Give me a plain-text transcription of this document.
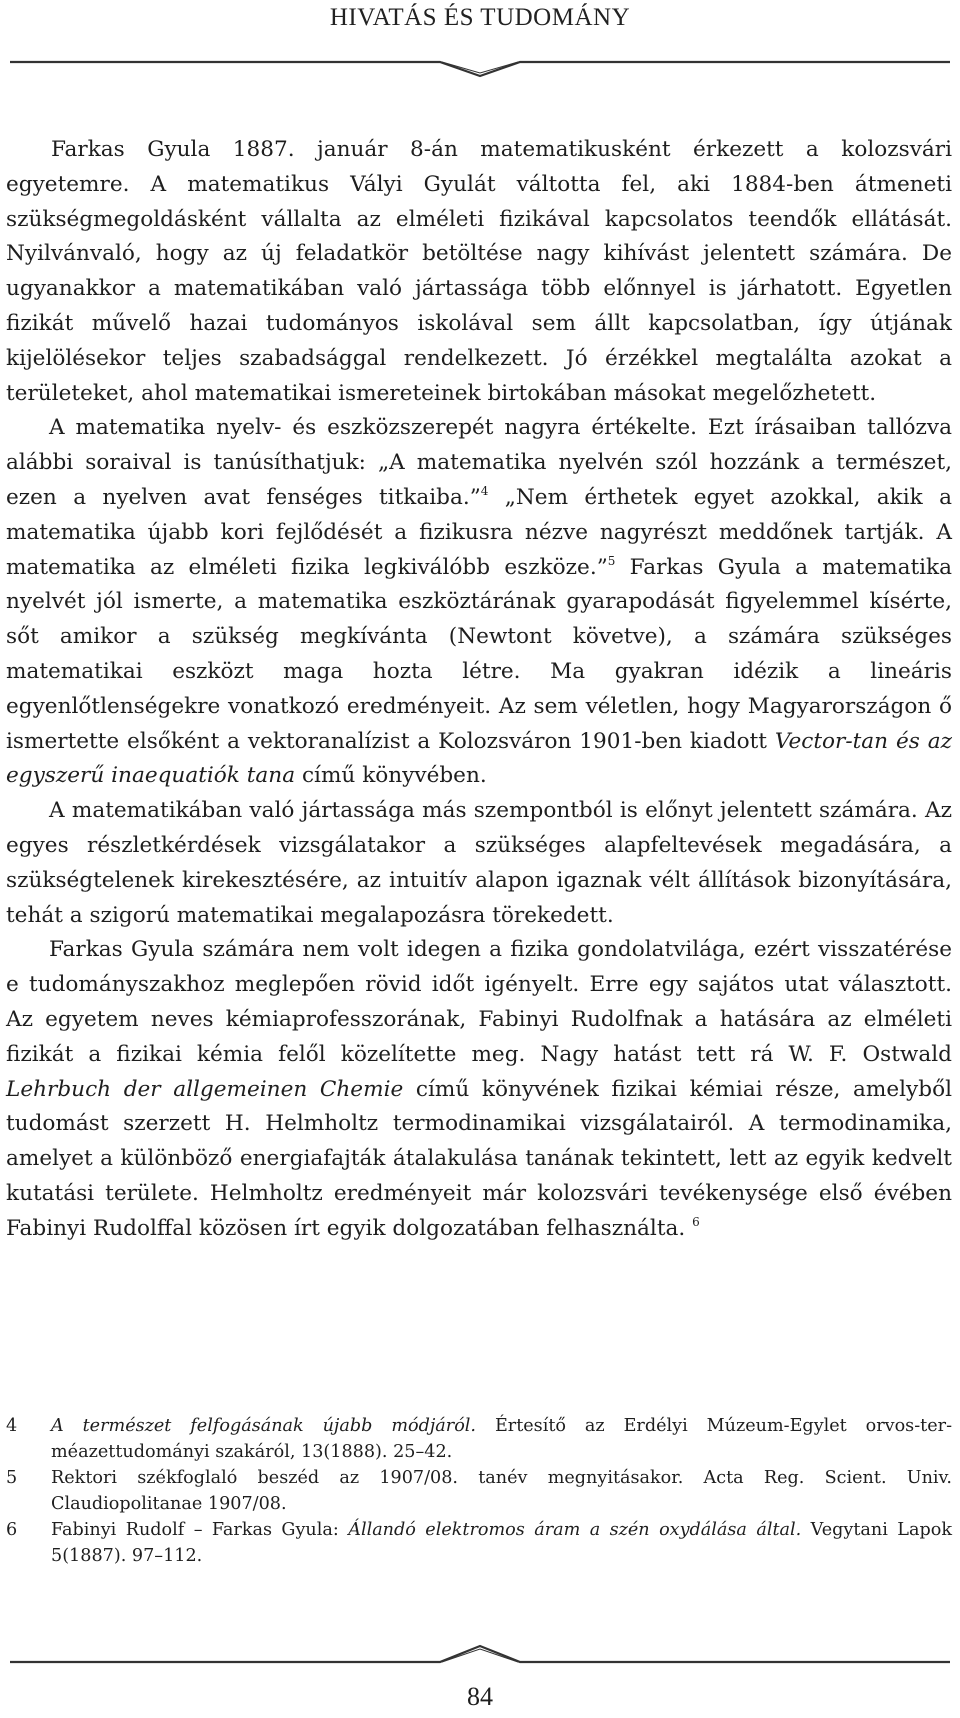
HIVATÁS ÉS TUDOMÁNY

Farkas Gyula 1887. január 8-án matematikusként érkezett a kolozsvári egyetemre. A matematikus Vályi Gyulát váltotta fel, aki 1884-ben átmeneti szükségmegoldásként vállalta az elméleti fizikával kapcsolatos teendők ellátását. Nyilvánvaló, hogy az új feladatkör betöltése nagy kihívást jelentett számára. De ugyanakkor a matematikában való jártassága több előnnyel is járhatott. Egyetlen fizikát művelő hazai tudományos iskolával sem állt kapcsolatban, így útjának kijelölésekor teljes szabadsággal rendelkezett. Jó érzékkel megtalálta azokat a területeket, ahol matematikai ismereteinek birtokában másokat megelőzhetett.

A matematika nyelv- és eszközszerepét nagyra értékelte. Ezt írásaiban tallózva alábbi soraival is tanúsíthatjuk: „A matematika nyelvén szól hozzánk a természet, ezen a nyelven avat fenséges titkaiba.”$^4$ „Nem érthetek egyet azokkal, akik a matematika újabb kori fejlődését a fizikusra nézve nagyrészt meddőnek tartják. A matematika az elméleti fizika legkiválóbb eszköze.”$^5$ Farkas Gyula a matematika nyelvét jól ismerte, a matematika eszköztárának gyarapodását figyelemmel kísérte, sőt amikor a szükség megkívánta (Newtont követve), a számára szükséges matematikai eszközt maga hozta létre. Ma gyakran idézik a lineáris egyenlőtlenségekre vonatkozó eredményeit. Az sem véletlen, hogy Magyarországon ő ismertette elsőként a vektoranalízist a Kolozsváron 1901-ben kiadott Vector-tan és az egyszerű inaequatiók tana című könyvében.

A matematikában való jártassága más szempontból is előnyt jelentett számára. Az egyes részletkérdések vizsgálatakor a szükséges alapfeltevések megadására, a szükségtelenek kirekesztésére, az intuitív alapon igaznak vélt állítások bizonyítására, tehát a szigorú matematikai megalapozásra törekedett.

Farkas Gyula számára nem volt idegen a fizika gondolatvilága, ezért visszatérése e tudományszakhoz meglepően rövid időt igényelt. Erre egy sajátos utat választott. Az egyetem neves kémiaprofesszorának, Fabinyi Rudolfnak a hatására az elméleti fizikát a fizikai kémia felől közelítette meg. Nagy hatást tett rá W. F. Ostwald Lehrbuch der allgemeinen Chemie című könyvének fizikai kémiai része, amelyből tudomást szerzett H. Helmholtz termodinamikai vizsgálatairól. A termodinamika, amelyet a különböző energiafajták átalakulása tanának tekintett, lett az egyik kedvelt kutatási területe. Helmholtz eredményeit már kolozsvári tevékenysége első évében Fabinyi Rudolffal közösen írt egyik dolgozatában felhasználta. $^6$

4 A természet felfogásának újabb módjáról. Értesítő az Erdélyi Múzeum-Egylet orvos-terméazettudományi szakáról, 13(1888). 25–42.
5 Rektori székfoglaló beszéd az 1907/08. tanév megnyitásakor. Acta Reg. Scient. Univ. Claudiopolitanae 1907/08.
6 Fabinyi Rudolf – Farkas Gyula: Állandó elektromos áram a szén oxydálása által. Vegytani Lapok 5(1887). 97–112.
84
